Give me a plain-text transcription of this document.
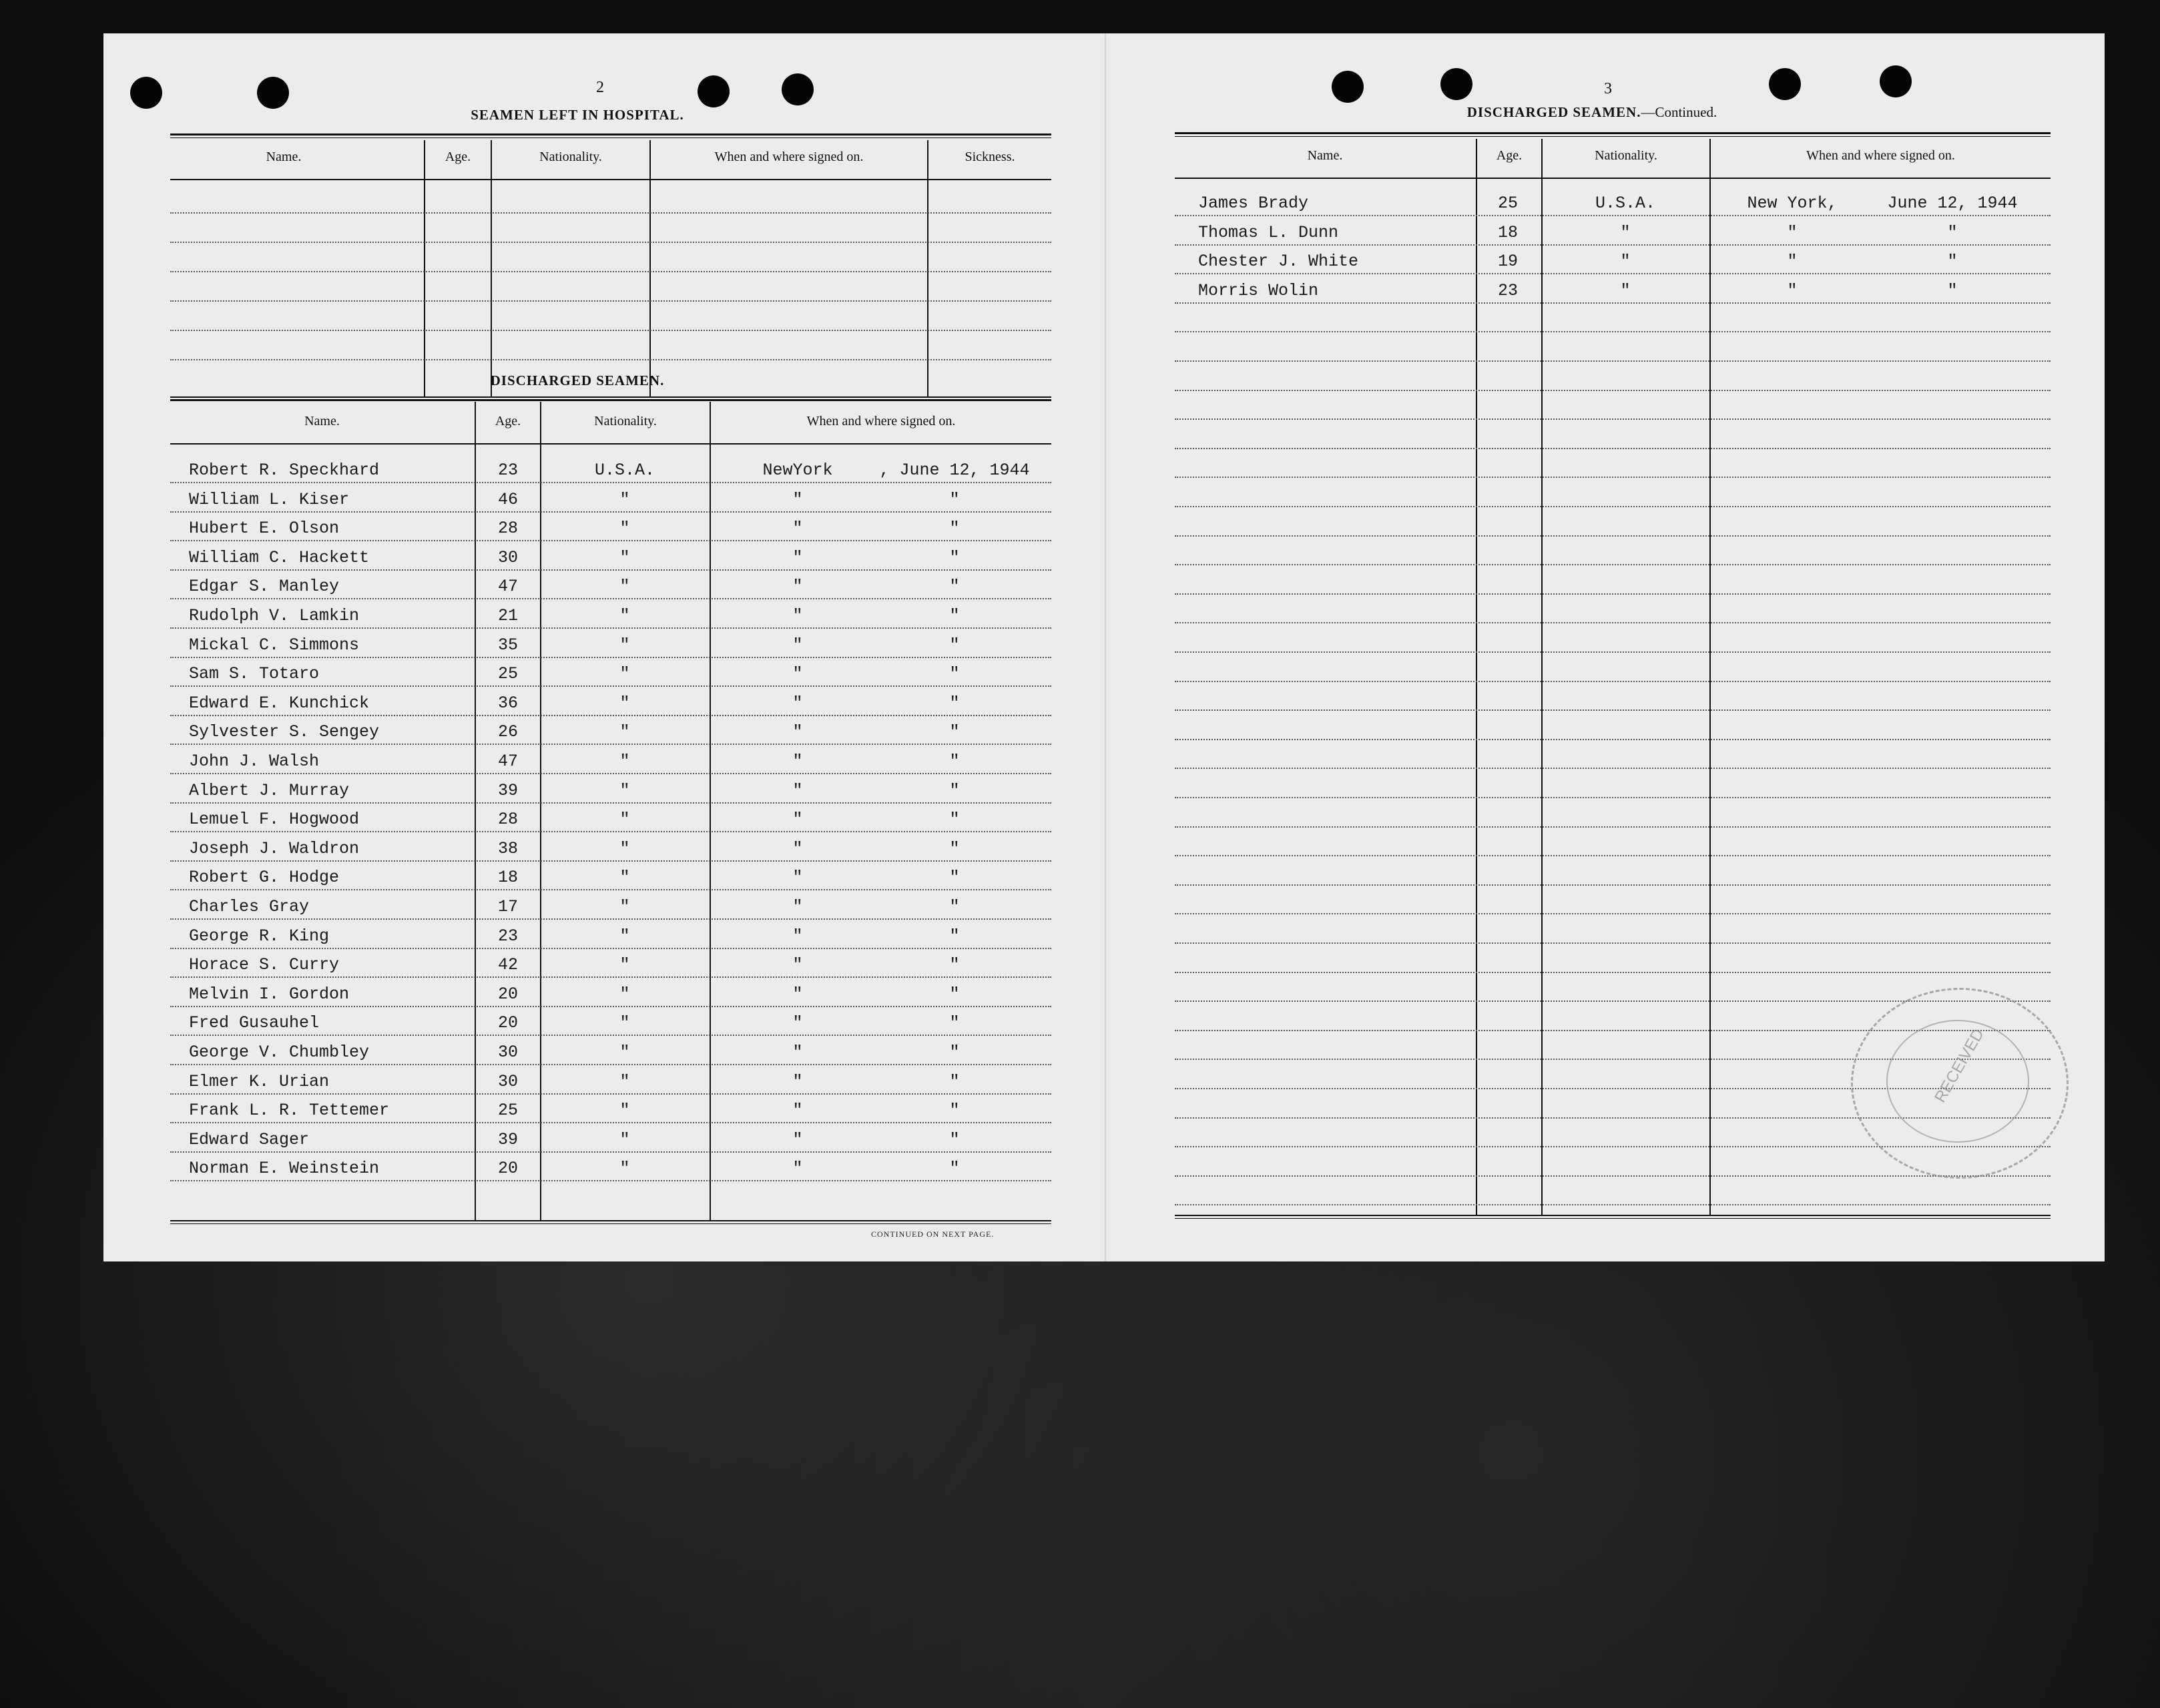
2
SEAMEN LEFT IN HOSPITAL.
Name.	Age.	Nationality.	When and where signed on.	Sickness.
DISCHARGED SEAMEN.
Name.	Age.	Nationality.	When and where signed on.
Robert R. Speckhard	23	U.S.A.	NewYork	, June 12, 1944
William L. Kiser	46	"	"	"
Hubert E. Olson	28	"	"	"
William C. Hackett	30	"	"	"
Edgar S. Manley	47	"	"	"
Rudolph V. Lamkin	21	"	"	"
Mickal C. Simmons	35	"	"	"
Sam S. Totaro	25	"	"	"
Edward E. Kunchick	36	"	"	"
Sylvester S. Sengey	26	"	"	"
John J. Walsh	47	"	"	"
Albert J. Murray	39	"	"	"
Lemuel F. Hogwood	28	"	"	"
Joseph J. Waldron	38	"	"	"
Robert G. Hodge	18	"	"	"
Charles Gray	17	"	"	"
George R. King	23	"	"	"
Horace S. Curry	42	"	"	"
Melvin I. Gordon	20	"	"	"
Fred Gusauhel	20	"	"	"
George V. Chumbley	30	"	"	"
Elmer K. Urian	30	"	"	"
Frank L. R. Tettemer	25	"	"	"
Edward Sager	39	"	"	"
Norman E. Weinstein	20	"	"	"
CONTINUED ON NEXT PAGE.
3
DISCHARGED SEAMEN.—Continued.
Name.	Age.	Nationality.	When and where signed on.
James Brady	25	U.S.A.	New York,	June 12, 1944
Thomas L. Dunn	18	"	"	"
Chester J. White	19	"	"	"
Morris Wolin	23	"	"	"
RECEIVED
